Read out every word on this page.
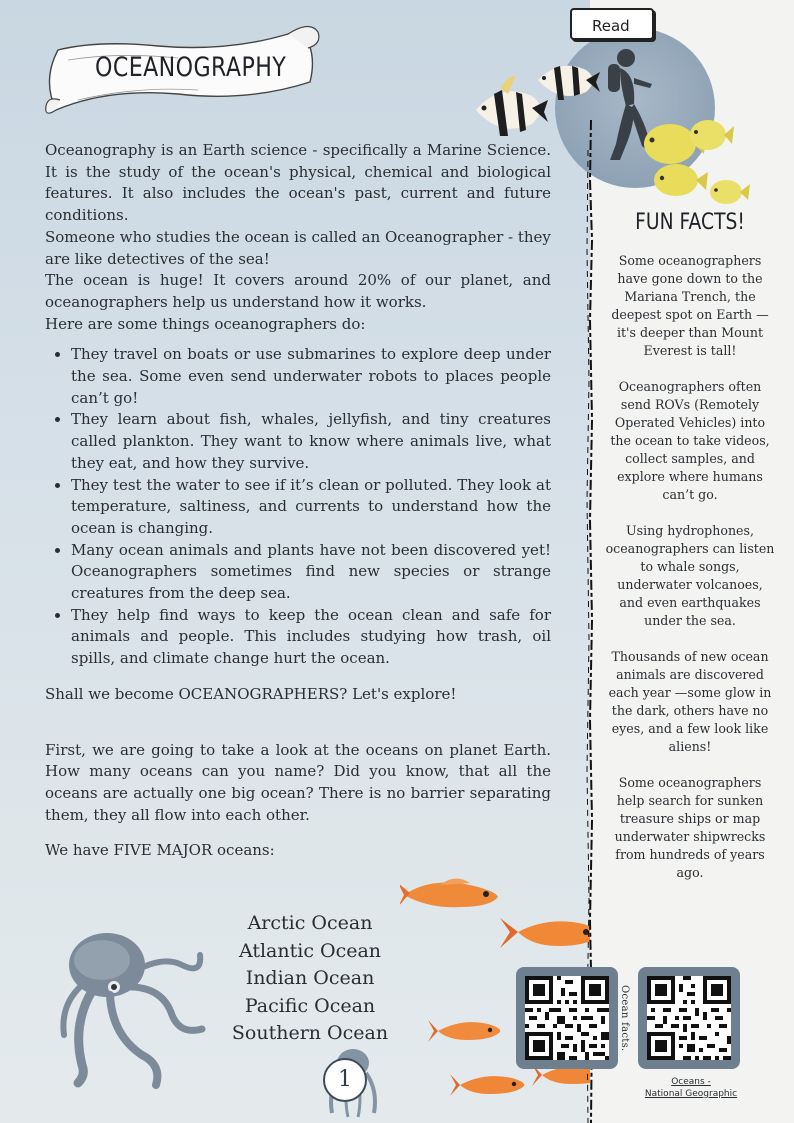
OCEANOGRAPHY

Oceanography is an Earth science - specifically a Marine Science. It is the study of the ocean's physical, chemical and biological features. It also includes the ocean's past, current and future conditions.

Someone who studies the ocean is called an Oceanographer - they are like detectives of the sea!

The ocean is huge! It covers around 20% of our planet, and oceanographers help us understand how it works.

Here are some things oceanographers do:

• They travel on boats or use submarines to explore deep under the sea. Some even send underwater robots to places people can’t go!
• They learn about fish, whales, jellyfish, and tiny creatures called plankton. They want to know where animals live, what they eat, and how they survive.
• They test the water to see if it’s clean or polluted. They look at temperature, saltiness, and currents to understand how the ocean is changing.
• Many ocean animals and plants have not been discovered yet! Oceanographers sometimes find new species or strange creatures from the deep sea.
• They help find ways to keep the ocean clean and safe for animals and people. This includes studying how trash, oil spills, and climate change hurt the ocean.

Shall we become OCEANOGRAPHERS? Let's explore!

First, we are going to take a look at the oceans on planet Earth. How many oceans can you name? Did you know, that all the oceans are actually one big ocean? There is no barrier separating them, they all flow into each other.

We have FIVE MAJOR oceans:

Arctic Ocean
Atlantic Ocean
Indian Ocean
Pacific Ocean
Southern Ocean
1
Read
FUN FACTS!

Some oceanographers have gone down to the Mariana Trench, the deepest spot on Earth —it's deeper than Mount Everest is tall!

Oceanographers often send ROVs (Remotely Operated Vehicles) into the ocean to take videos, collect samples, and explore where humans can’t go.

Using hydrophones, oceanographers can listen to whale songs, underwater volcanoes, and even earthquakes under the sea.

Thousands of new ocean animals are discovered each year —some glow in the dark, others have no eyes, and a few look like aliens!

Some oceanographers help search for sunken treasure ships or map underwater shipwrecks from hundreds of years ago.

Ocean facts.
Oceans -
National Geographic
